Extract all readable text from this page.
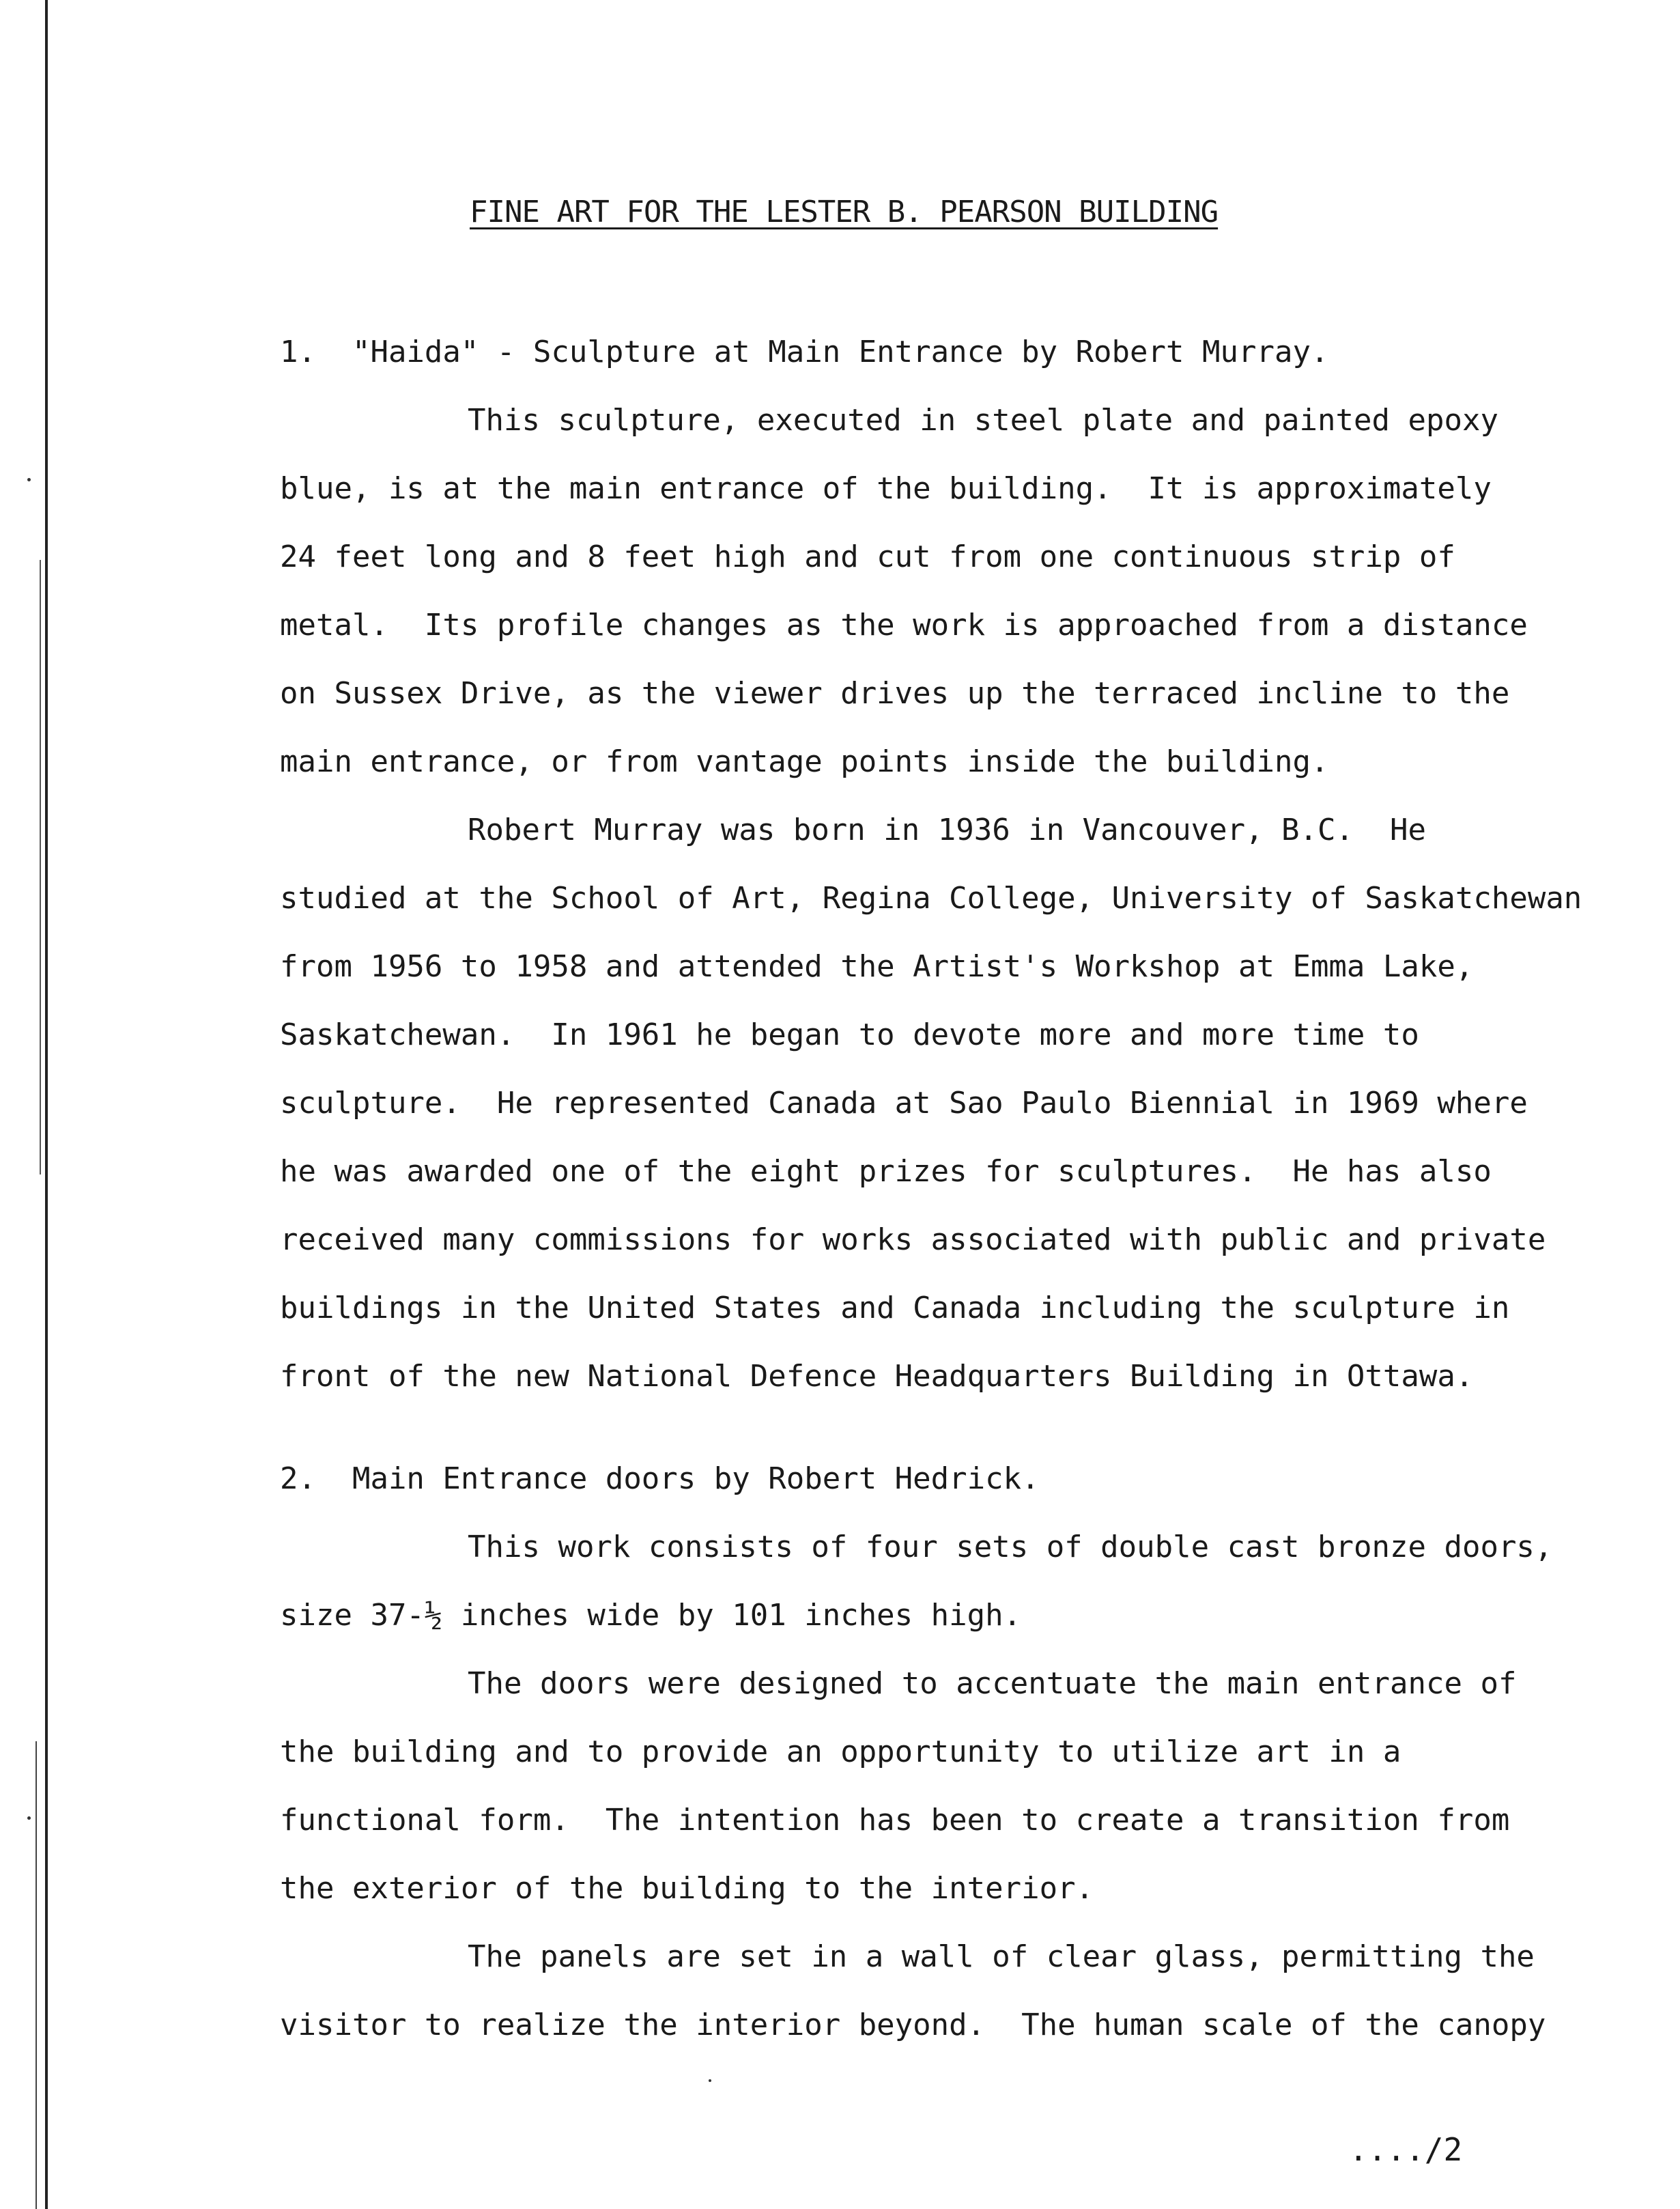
FINE ART FOR THE LESTER B. PEARSON BUILDING
1.  "Haida" - Sculpture at Main Entrance by Robert Murray.
This sculpture, executed in steel plate and painted epoxy
blue, is at the main entrance of the building.  It is approximately
24 feet long and 8 feet high and cut from one continuous strip of
metal.  Its profile changes as the work is approached from a distance
on Sussex Drive, as the viewer drives up the terraced incline to the
main entrance, or from vantage points inside the building.
Robert Murray was born in 1936 in Vancouver, B.C.  He
studied at the School of Art, Regina College, University of Saskatchewan
from 1956 to 1958 and attended the Artist's Workshop at Emma Lake,
Saskatchewan.  In 1961 he began to devote more and more time to
sculpture.  He represented Canada at Sao Paulo Biennial in 1969 where
he was awarded one of the eight prizes for sculptures.  He has also
received many commissions for works associated with public and private
buildings in the United States and Canada including the sculpture in
front of the new National Defence Headquarters Building in Ottawa.
2.  Main Entrance doors by Robert Hedrick.
This work consists of four sets of double cast bronze doors,
size 37-½ inches wide by 101 inches high.
The doors were designed to accentuate the main entrance of
the building and to provide an opportunity to utilize art in a
functional form.  The intention has been to create a transition from
the exterior of the building to the interior.
The panels are set in a wall of clear glass, permitting the
visitor to realize the interior beyond.  The human scale of the canopy
..../2
